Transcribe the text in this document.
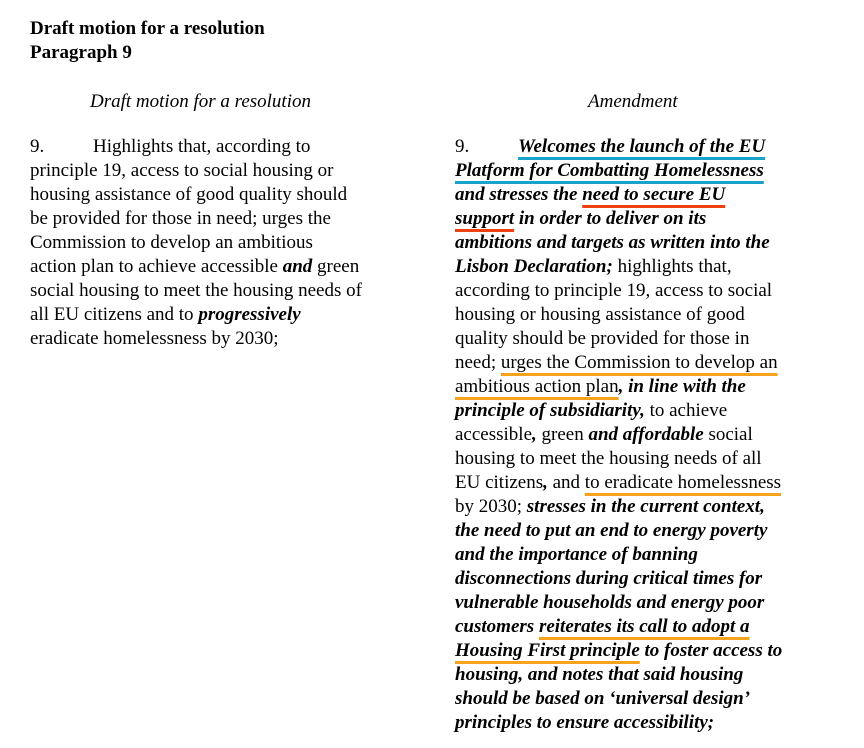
Draft motion for a resolution
Paragraph 9
Draft motion for a resolution	Amendment
9.	Highlights that, according to
principle 19, access to social housing or
housing assistance of good quality should
be provided for those in need; urges the
Commission to develop an ambitious
action plan to achieve accessible and green
social housing to meet the housing needs of
all EU citizens and to progressively
eradicate homelessness by 2030;
9.	Welcomes the launch of the EU
Platform for Combatting Homelessness
and stresses the need to secure EU
support in order to deliver on its
ambitions and targets as written into the
Lisbon Declaration; highlights that,
according to principle 19, access to social
housing or housing assistance of good
quality should be provided for those in
need; urges the Commission to develop an
ambitious action plan, in line with the
principle of subsidiarity, to achieve
accessible, green and affordable social
housing to meet the housing needs of all
EU citizens, and to eradicate homelessness
by 2030; stresses in the current context,
the need to put an end to energy poverty
and the importance of banning
disconnections during critical times for
vulnerable households and energy poor
customers reiterates its call to adopt a
Housing First principle to foster access to
housing, and notes that said housing
should be based on ‘universal design’
principles to ensure accessibility;
